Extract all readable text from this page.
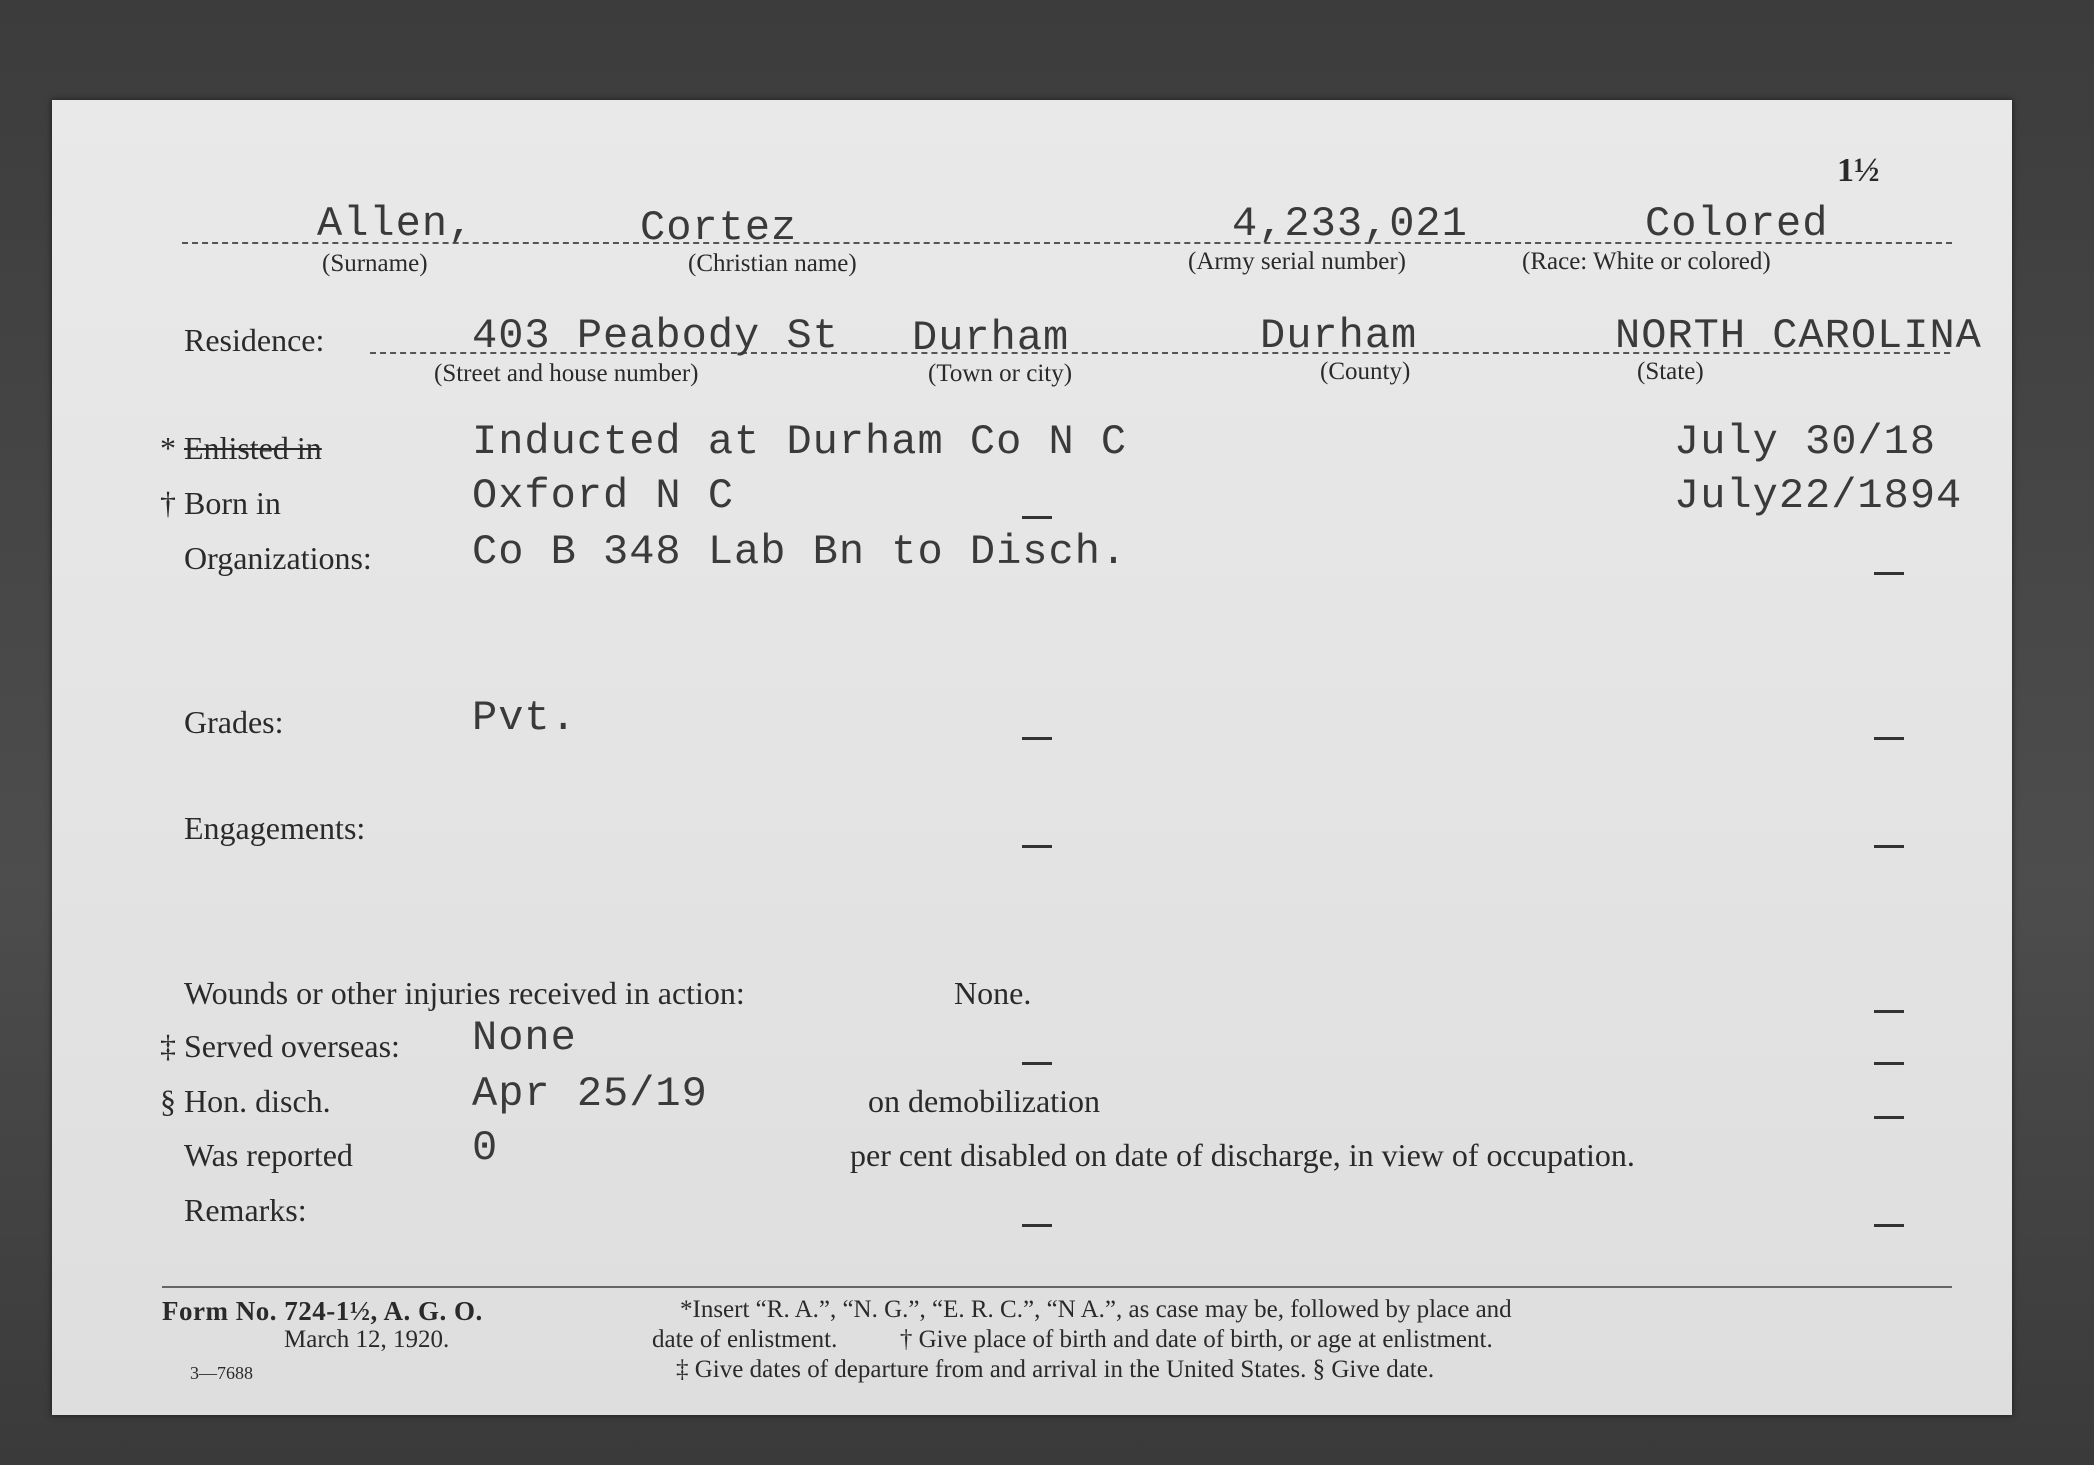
1½
Allen,
(Surname)
Cortez
(Christian name)
4,233,021
(Army serial number)
Colored
(Race: White or colored)
Residence:	403 Peabody St
(Street and house number)
Durham
(Town or city)
Durham
(County)
NORTH CAROLINA
(State)
* Enlisted in	Inducted at Durham Co N C	July 30/18
† Born in	Oxford N C	July22/1894
Organizations: Co B 348 Lab Bn to Disch.
Grades:	Pvt.
Engagements:
Wounds or other injuries received in action:	None.
‡ Served overseas: None
§ Hon. disch.	Apr 25/19	on demobilization
Was reported	0	per cent disabled on date of discharge, in view of occupation.
Remarks:
Form No. 724-1½, A. G. O.
March 12, 1920.
3—7688
*Insert “R. A.”, “N. G.”, “E. R. C.”, “N A.”, as case may be, followed by place and
date of enlistment.          † Give place of birth and date of birth, or age at enlistment.
‡ Give dates of departure from and arrival in the United States. § Give date.
